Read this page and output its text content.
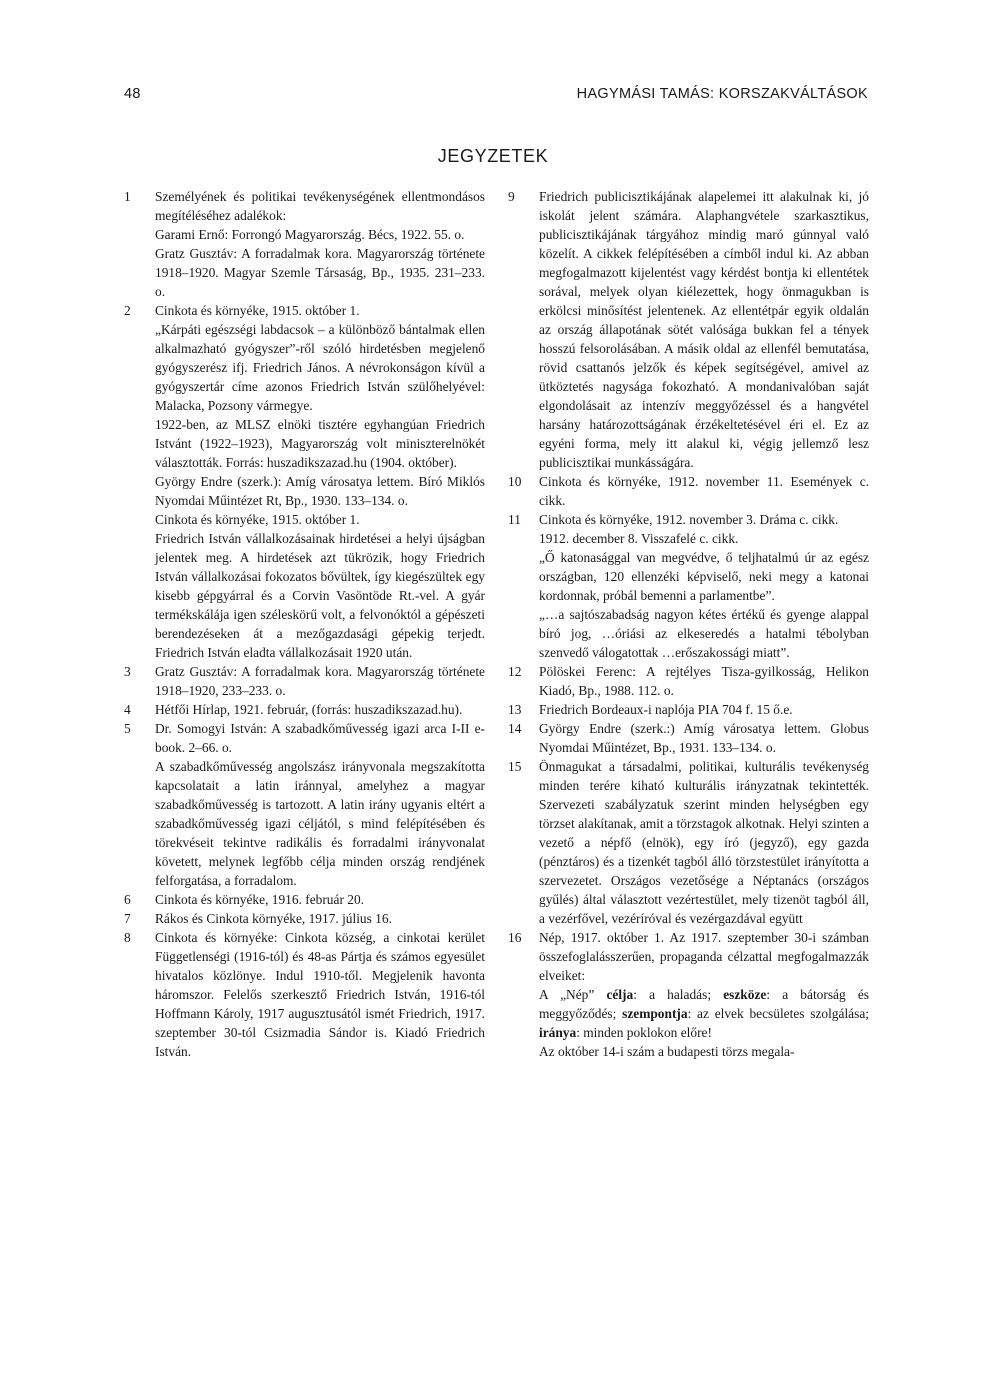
48	HAGYMÁSI TAMÁS: KORSZAKVÁLTÁSOK
JEGYZETEK
1	Személyének és politikai tevékenységének ellentmondásos megítéléséhez adalékok:

Garami Ernő: Forrongó Magyarország. Bécs, 1922. 55. o.

Gratz Gusztáv: A forradalmak kora. Magyarország története 1918–1920. Magyar Szemle Társaság, Bp., 1935. 231–233. o.

2	Cinkota és környéke, 1915. október 1.

„Kárpáti egészségi labdacsok – a különböző bántalmak ellen alkalmazható gyógyszer”-ről szóló hirdetésben megjelenő gyógyszerész ifj. Friedrich János. A névrokonságon kívül a gyógyszertár címe azonos Friedrich István szülőhelyével: Malacka, Pozsony vármegye.

1922-ben, az MLSZ elnöki tisztére egyhangúan Friedrich Istvánt (1922–1923), Magyarország volt miniszterelnökét választották. Forrás: huszadikszazad.hu (1904. október).

György Endre (szerk.): Amíg városatya lettem. Bíró Miklós Nyomdai Műintézet Rt, Bp., 1930. 133–134. o.

Cinkota és környéke, 1915. október 1.

Friedrich István vállalkozásainak hirdetései a helyi újságban jelentek meg. A hirdetések azt tükrözik, hogy Friedrich István vállalkozásai fokozatos bővültek, így kiegészültek egy kisebb gépgyárral és a Corvin Vasöntöde Rt.-vel. A gyár termékskálája igen széleskörű volt, a felvonóktól a gépészeti berendezéseken át a mezőgazdasági gépekig terjedt. Friedrich István eladta vállalkozásait 1920 után.

3	Gratz Gusztáv: A forradalmak kora. Magyarország története 1918–1920, 233–233. o.

4	Hétfői Hírlap, 1921. február, (forrás: huszadikszazad.hu).

5	Dr. Somogyi István: A szabadkőművesség igazi arca I-II e-book. 2–66. o.

A szabadkőművesség angolszász irányvonala megszakította kapcsolatait a latin iránnyal, amelyhez a magyar szabadkőművesség is tartozott. A latin irány ugyanis eltért a szabadkőművesség igazi céljától, s mind felépítésében és törekvéseit tekintve radikális és forradalmi irányvonalat követett, melynek legfőbb célja minden ország rendjének felforgatása, a forradalom.

6	Cinkota és környéke, 1916. február 20.

7	Rákos és Cinkota környéke, 1917. július 16.

8	Cinkota és környéke: Cinkota község, a cinkotai kerület Függetlenségi (1916-tól) és 48-as Pártja és számos egyesület hivatalos közlönye. Indul 1910-től. Megjelenik havonta háromszor. Felelős szerkesztő Friedrich István, 1916-tól Hoffmann Károly, 1917 augusztusától ismét Friedrich, 1917. szeptember 30-tól Csizmadia Sándor is. Kiadó Friedrich István.

9	Friedrich publicisztikájának alapelemei itt alakulnak ki, jó iskolát jelent számára. Alaphangvétele szarkasztikus, publicisztikájának tárgyához mindig maró gúnnyal való közelít. A cikkek felépítésében a címből indul ki. Az abban megfogalmazott kijelentést vagy kérdést bontja ki ellentétek sorával, melyek olyan kiélezettek, hogy önmagukban is erkölcsi minősítést jelentenek. Az ellentétpár egyik oldalán az ország állapotának sötét valósága bukkan fel a tények hosszú felsorolásában. A másik oldal az ellenfél bemutatása, rövid csattanós jelzők és képek segítségével, amivel az ütköztetés nagysága fokozható. A mondanivalóban saját elgondolásait az intenzív meggyőzéssel és a hangvétel harsány határozottságának érzékeltetésével éri el. Ez az egyéni forma, mely itt alakul ki, végig jellemző lesz publicisztikai munkásságára.

10	Cinkota és környéke, 1912. november 11. Események c. cikk.

11	Cinkota és környéke, 1912. november 3. Dráma c. cikk.

1912. december 8. Visszafelé c. cikk.

„Ő katonasággal van megvédve, ő teljhatalmú úr az egész országban, 120 ellenzéki képviselő, neki megy a katonai kordonnak, próbál bemenni a parlamentbe”.

„…a sajtószabadság nagyon kétes értékű és gyenge alappal bíró jog, …óriási az elkeseredés a hatalmi tébolyban szenvedő válogatottak …erőszakossági miatt”.

12	Pölöskei Ferenc: A rejtélyes Tisza-gyilkosság, Helikon Kiadó, Bp., 1988. 112. o.

13	Friedrich Bordeaux-i naplója PIA 704 f. 15 ő.e.

14	György Endre (szerk.:) Amíg városatya lettem. Globus Nyomdai Műintézet, Bp., 1931. 133–134. o.

15	Önmagukat a társadalmi, politikai, kulturális tevékenység minden terére kiható kulturális irányzatnak tekintették. Szervezeti szabályzatuk szerint minden helységben egy törzset alakítanak, amit a törzstagok alkotnak. Helyi szinten a vezető a népfő (elnök), egy író (jegyző), egy gazda (pénztáros) és a tizenkét tagból álló törzstestület irányította a szervezetet. Országos vezetősége a Néptanács (országos gyűlés) által választott vezértestület, mely tizenöt tagból áll, a vezérfővel, vezéríróval és vezérgazdával együtt

16	Nép, 1917. október 1. Az 1917. szeptember 30-i számban összefoglalásszerűen, propaganda célzattal megfogalmazzák elveiket:

A „Nép” célja: a haladás; eszköze: a bátorság és meggyőződés; szempontja: az elvek becsületes szolgálása; iránya: minden poklokon előre!

Az október 14-i szám a budapesti törzs megala-
